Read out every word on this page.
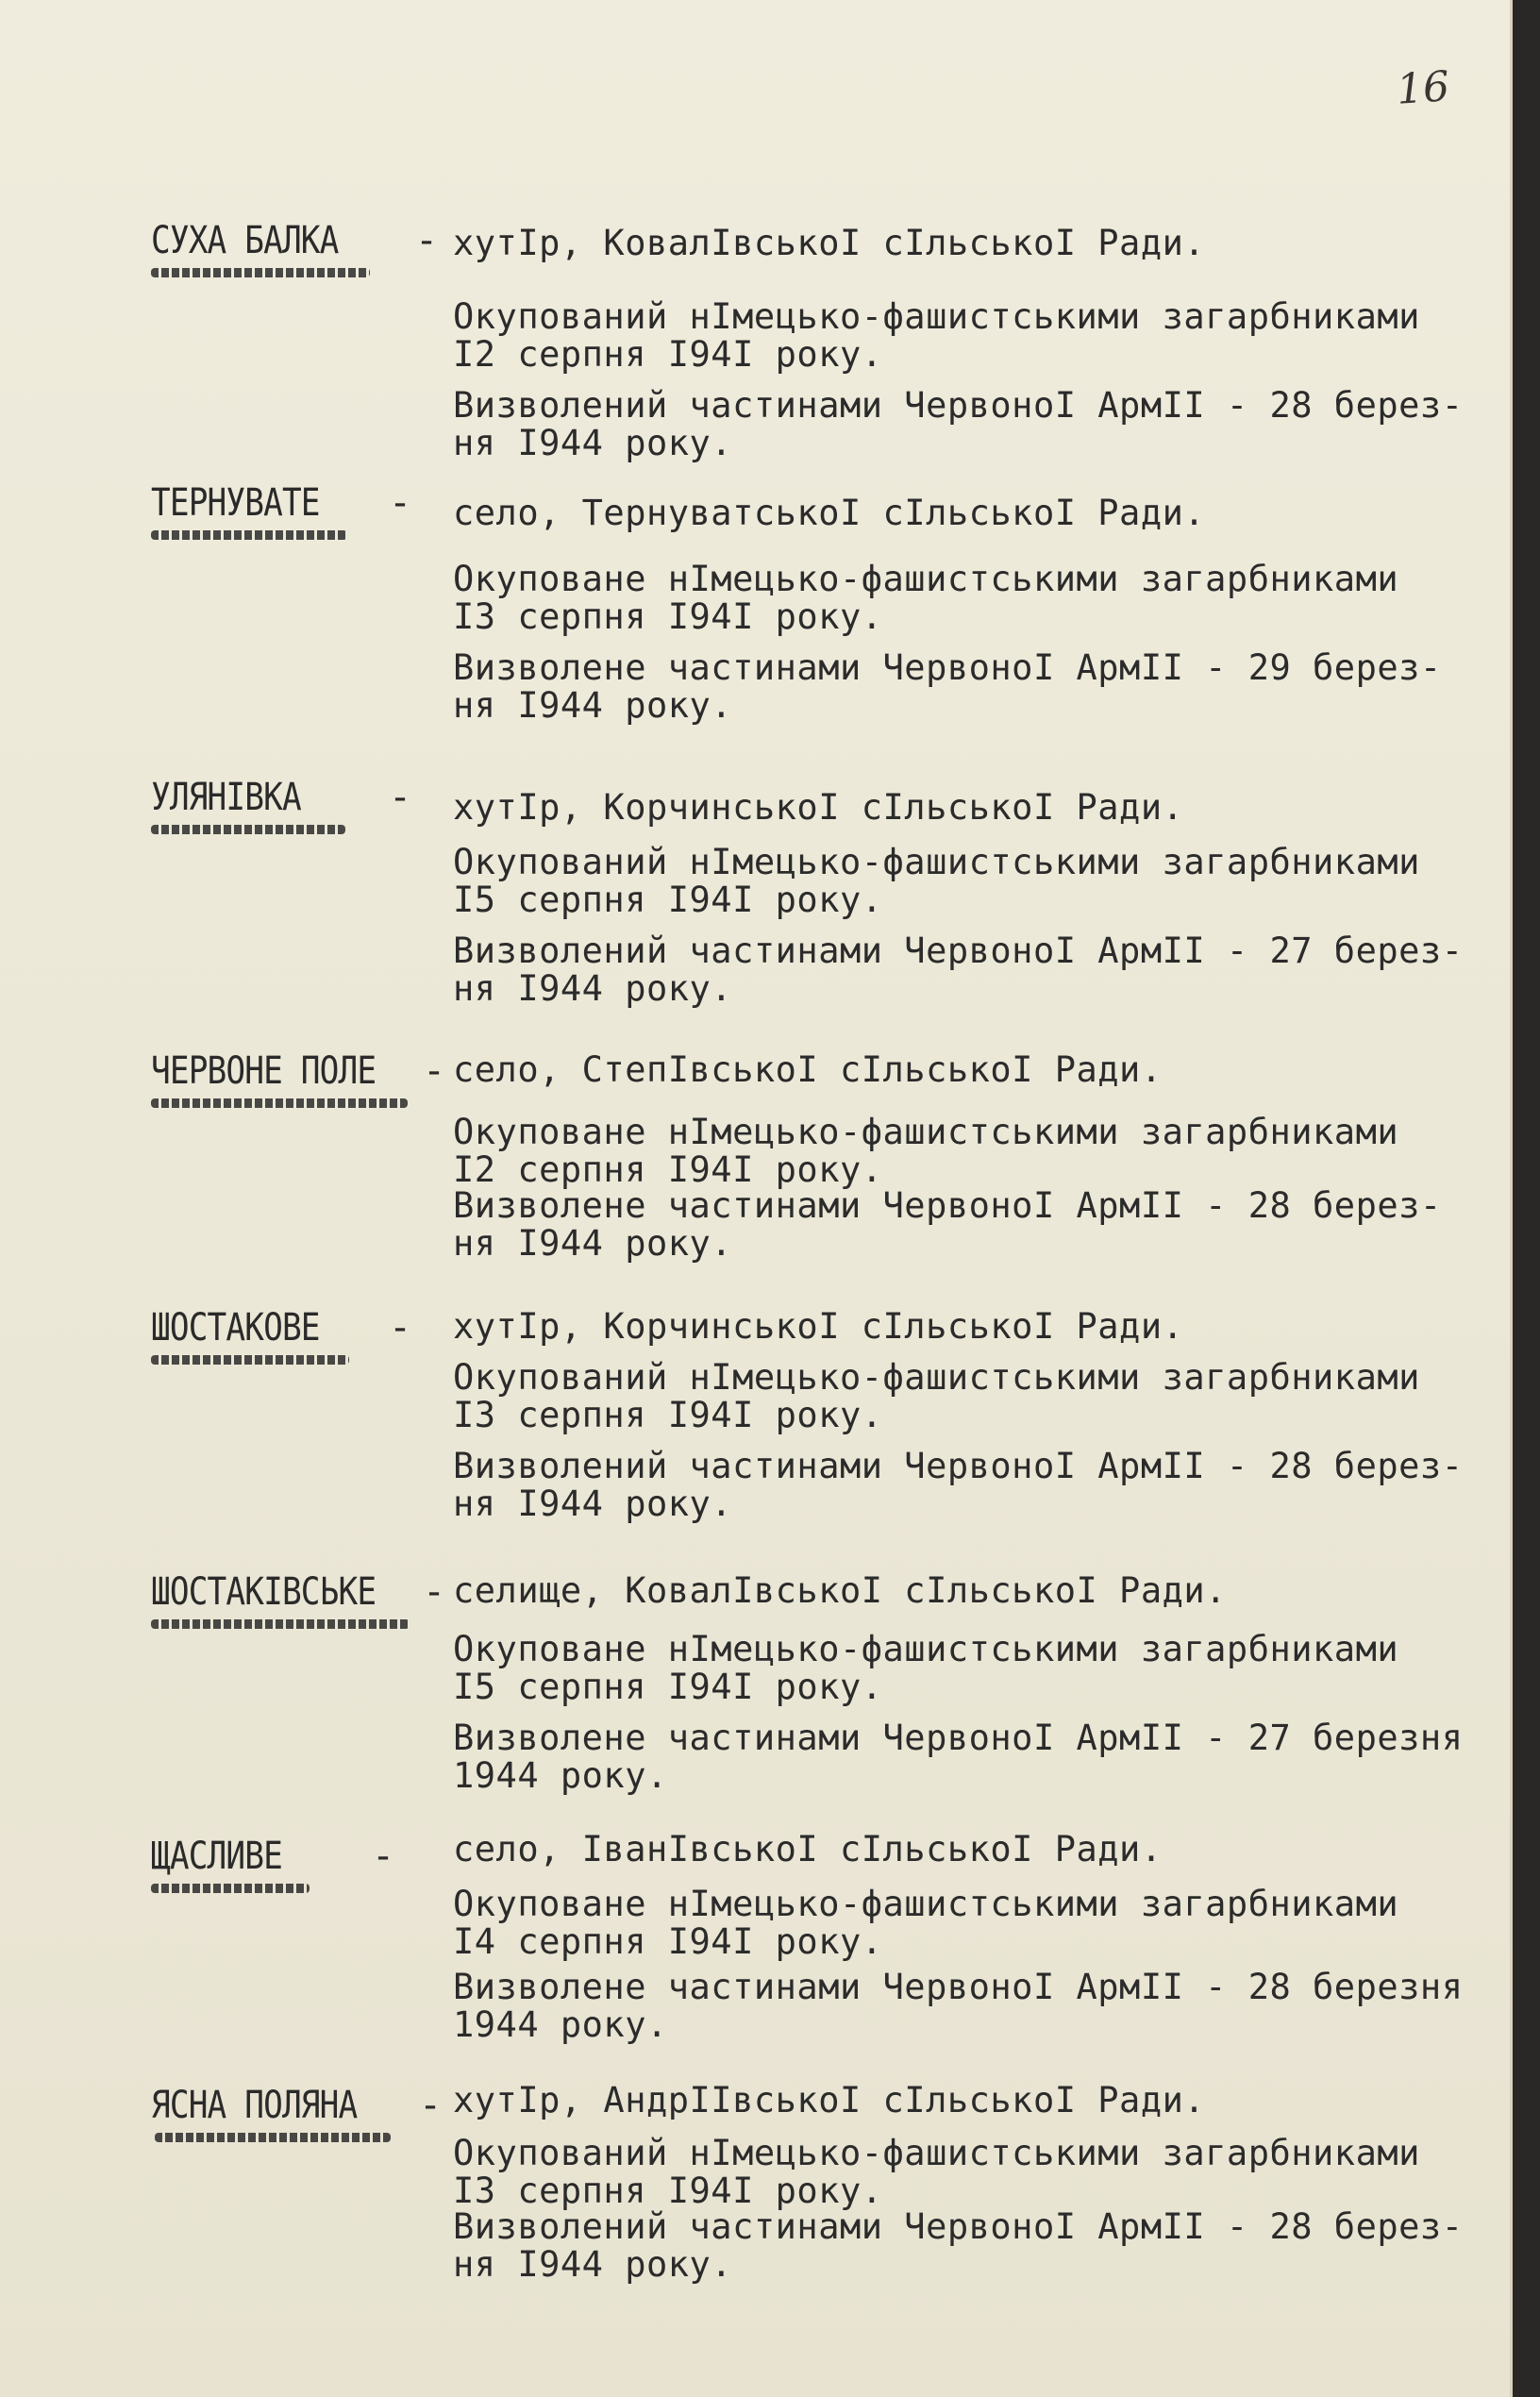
16
СУХА БАЛКА - хутІр, КовалІвськоІ сІльськоІ Ради.
Окупований нІмецько-фашистськими загарбниками
І2 серпня І94І року.
Визволений частинами ЧервоноІ АрмІІ - 28 берез-
ня І944 року.
ТЕРНУВАТЕ - село, ТернуватськоІ сІльськоІ Ради.
Окуповане нІмецько-фашистськими загарбниками
ІЗ серпня І94І року.
Визволене частинами ЧервоноІ АрмІІ - 29 берез-
ня І944 року.
УЛЯНІВКА - хутІр, КорчинськоІ сІльськоІ Ради.
Окупований нІмецько-фашистськими загарбниками
І5 серпня І94І року.
Визволений частинами ЧервоноІ АрмІІ - 27 берез-
ня І944 року.
ЧЕРВОНЕ ПОЛЕ - село, СтепІвськоІ сІльськоІ Ради.
Окуповане нІмецько-фашистськими загарбниками
І2 серпня І94І року.
Визволене частинами ЧервоноІ АрмІІ - 28 берез-
ня І944 року.
ШОСТАКОВЕ - хутІр, КорчинськоІ сІльськоІ Ради.
Окупований нІмецько-фашистськими загарбниками
ІЗ серпня І94І року.
Визволений частинами ЧервоноІ АрмІІ - 28 берез-
ня І944 року.
ШОСТАКІВСЬКЕ - селище, КовалІвськоІ сІльськоІ Ради.
Окуповане нІмецько-фашистськими загарбниками
І5 серпня І94І року.
Визволене частинами ЧервоноІ АрмІІ - 27 березня
1944 року.
ЩАСЛИВЕ - село, ІванІвськоІ сІльськоІ Ради.
Окуповане нІмецько-фашистськими загарбниками
І4 серпня І94І року.
Визволене частинами ЧервоноІ АрмІІ - 28 березня
1944 року.
ЯСНА ПОЛЯНА - хутІр, АндрІІвськоІ сІльськоІ Ради.
Окупований нІмецько-фашистськими загарбниками
ІЗ серпня І94І року.
Визволений частинами ЧервоноІ АрмІІ - 28 берез-
ня І944 року.
